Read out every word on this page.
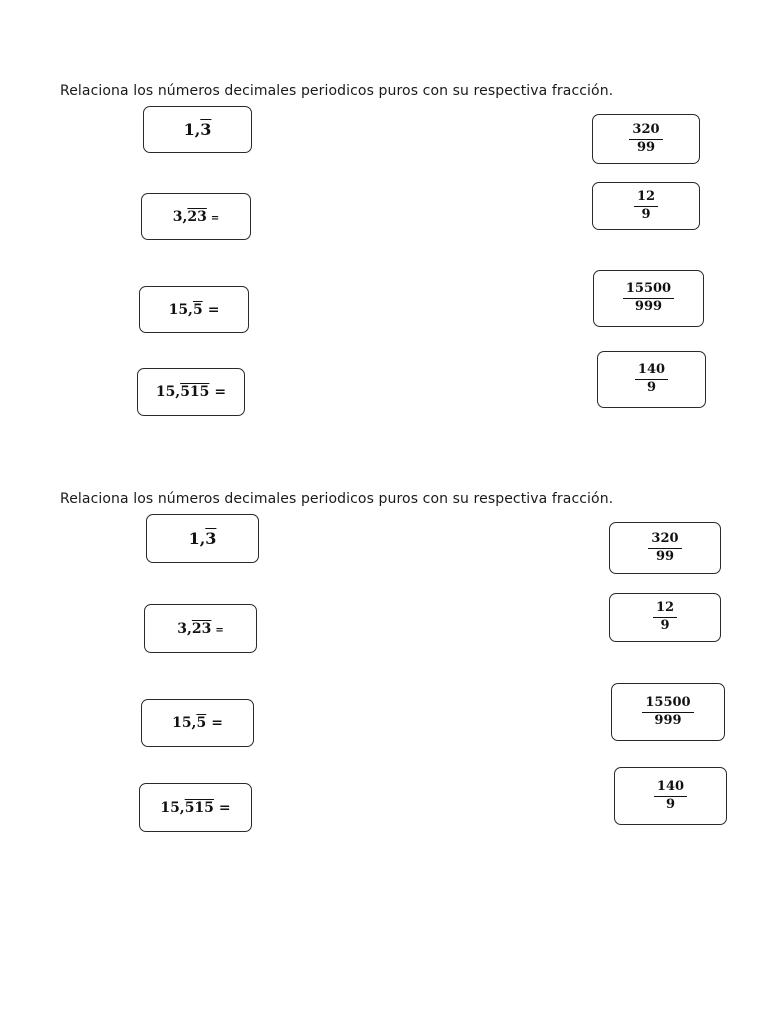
Relaciona los números decimales periodicos puros con su respectiva fracción.
1, 3
3, 23 =
15, 5 =
15, 515 =
$\frac{320}{99}$
$\frac{12}{9}$
$\frac{15500}{999}$
$\frac{140}{9}$
Relaciona los números decimales periodicos puros con su respectiva fracción.
1, 3
3, 23 =
15, 5 =
15, 515 =
$\frac{320}{99}$
$\frac{12}{9}$
$\frac{15500}{999}$
$\frac{140}{9}$
